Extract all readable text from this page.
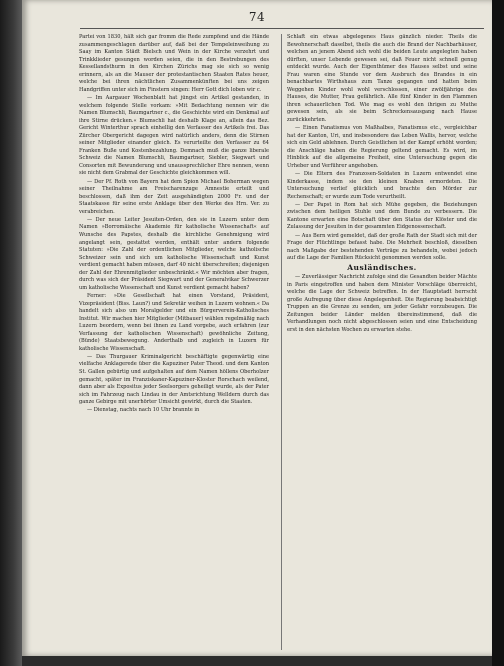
74

Partei von 1830, hält sich gar fromm die Rede zumpfend und die Hände zusammengeschlagen darüber auf, daß bei der Tempeleinweihung zu Saay im Kanton Städt Bielsch und Wein in der Kirche verzehrt und Trinkklieder gesungen worden seien, die in den Bestrebungen des Kessellandsthurm in den Kirchen Zürichs mag sie sich so wenig erinnern, als an die Mauser der protestantischen Staaten Rates heuer, welche bei ihren nächtlichen Zusammenkünften bei uns zeigen Handgriffen unter sich im Finstern singen: Herr Gott dich loben wir c.

— Im Aargauer Wochenblatt hat jüngst ein Artikel gestanden, in welchem folgende Stelle vorkam: »Mit Bedachtung nennen wir die Namen Blumschli, Baumgartner c., die Geschichte wird ein Denkmal auf ihre Stirne drücken.« Blumschli hat deshalb Klage an, allein das Bez. Gericht Winterthur sprach einhellig den Verfasser des Artikels frei. Das Zürcher Obergericht dagegen wird natürlich anders, denn die Stirnen seiner Mitglieder einander gleich. Es verurteilte den Verfasser zu 64 Franken Buße und Kostenbezahlung. Demnach muß die ganze liberale Schweiz die Namen Blumschli, Baumgartner, Siebler, Siegwart und Consorten mit Bewunderung und unaussprechlicher Ehre nennen, wenn sie nicht dem Grabmal der Geschichte gleichkommen will.

— Der Pf. Roth von Bayern hat dem Spion Michael Boherman wegen seiner Theilnahme am Freischarenzuge Amnestie erteilt und beschlossen, daß ihm der Zeit ausgehändigten 2000 Fr. und der Staatskasse für seine erste Anklage über den Werke des Hrn. Ver. zu verabreichen.

— Der neue Leiter Jesuiten-Orden, den sie in Luzern unter dem Namen »Borromäische Akademie für katholische Wissenschaft« auf Wunsche des Papstes, deshalb die kirchliche Genehmigung wird angelangt sein, gestattet werden, enthält unter andern folgende Statuten: »Die Zahl der ordentlichen Mitglieder, welche katholische Schweizer sein und sich um katholische Wissenschaft und Kunst verdient gemacht haben müssen, darf 40 nicht überschreiten; diejenigen der Zahl der Ehrenmitglieder unbeschränkt.« Wir möchten aber fragen, durch was sich der Präsident Siegwart und der Generalvikar Schwerzer um katholische Wissenschaft und Kunst verdient gemacht haben?

Ferner: »Die Gesellschaft hat einen Vorstand, Präsident, Vizepräsident (Biss. Laun?) und Sekretär weihen in Luzern wohnen.« Da handelt sich also um Moralgelder und ein Bürgerverein-Katholisches Institut. Wir machen hier Mitglieder (Mitbauer) wählen regelmäßig nach Luzern beordern, wenn bei ihnen zu Land vorgebe, auch erfahren (zur Verfassung der katholischen Wissenschaft) gewöhnliche Zeitung, (Bünde) Staatsbewegung. Anderthalb und zugleich in Luzern für katholische Wissenschaft.

— Das Thurgauer Kriminalgericht beschäftigte gegenwärtig eine vielfache Anklagerede über die Kapuziner Pater Theod. und dem Kanton St. Gallen gebürtig und aufgehalten auf dem Namen höllens Oberholzer gemacht, später im Franziskaner-Kapuziner-Kloster Rorschach weilend, dann aber als Expositus jeder Seelsorgers geheiligt wurde, als der Pater sich im Fahrzeug nach Lindau in der Amtsrichtung Welldern durch das ganze Gebirge mit unerhörter Umsicht gewirkt, durch die Staaten.

— Dienstag, nachts nach 10 Uhr brannte in

Schlaft ein etwas abgelegenes Haus gänzlich nieder. Theils die Bewohnerschaft daselbst, theils die auch die Brand der Nachbarhäuser, welchen an jenem Abend sich wohl die beiden Leute angelegten haben dürften, unser Lebende gewesen sei, daß Feuer nicht schnell genug entdeckt wurde. Auch der Eigenthümer des Hauses selbst und seine Frau waren eine Stunde vor dem Ausbruch des Brandes in ein benachbartes Wirthshaus zum Tanze gegangen und hatten beim Weggehen Kinder wohl wohl verschlossen, einer zwölfjährige des Hauses, die Mutter, Frau gefährlich. Alle fünf Kinder in den Flammen ihren schauerlichen Tod. Wie mag es wohl den ihrigen zu Muthe gewesen sein, als sie beim Schreckensausgang nach Hause zurückkehrten.

— Einen Fanatismus von Maßhalbes, Fanatismus etc., vergleichbar hat der Kanton, Uri, und insbesondere das Leben Wallis, hervor, welche sich ein Geld ablehnen. Durch Geistlichen ist der Kampf erhöht worden; die Anschläge haben die Regierung geltend gemacht. Es wird, im Hinblick auf die allgemeine Freiheit, eine Untersuchung gegen die Urheber und Verführer angehoben.

— Die Eltern des Franzosen-Soldaten in Luzern entwendet eine Kinderkasse, indem sie den kleinen Knaben ermordeten. Die Untersuchung verlief glücklich und brachte den Mörder zur Rechenschaft; er wurde zum Tode verurtheilt.

— Der Papst in Rom hat sich Mühe gegeben, die Beziehungen zwischen dem heiligen Stuhle und dem Bunde zu verbessern. Die Kantone erwarten eine Botschaft über den Status der Klöster und die Zulassung der Jesuiten in der gesammten Eidgenossenschaft.

— Aus Bern wird gemeldet, daß der große Rath der Stadt sich mit der Frage der Flüchtlinge befasst habe. Die Mehrheit beschloß, dieselben nach Maßgabe der bestehenden Verträge zu behandeln, wobei jedoch auf die Lage der Familien Rücksicht genommen werden solle.

Ausländisches.

— Zuverlässiger Nachricht zufolge sind die Gesandten beider Mächte in Paris eingetroffen und haben dem Minister Vorschläge überreicht, welche die Lage der Schweiz betreffen. In der Hauptstadt herrscht große Aufregung über diese Angelegenheit. Die Regierung beabsichtigt Truppen an die Grenze zu senden, um jeder Gefahr vorzubeugen. Die Zeitungen beider Länder melden übereinstimmend, daß die Verhandlungen noch nicht abgeschlossen seien und eine Entscheidung erst in den nächsten Wochen zu erwarten stehe.
